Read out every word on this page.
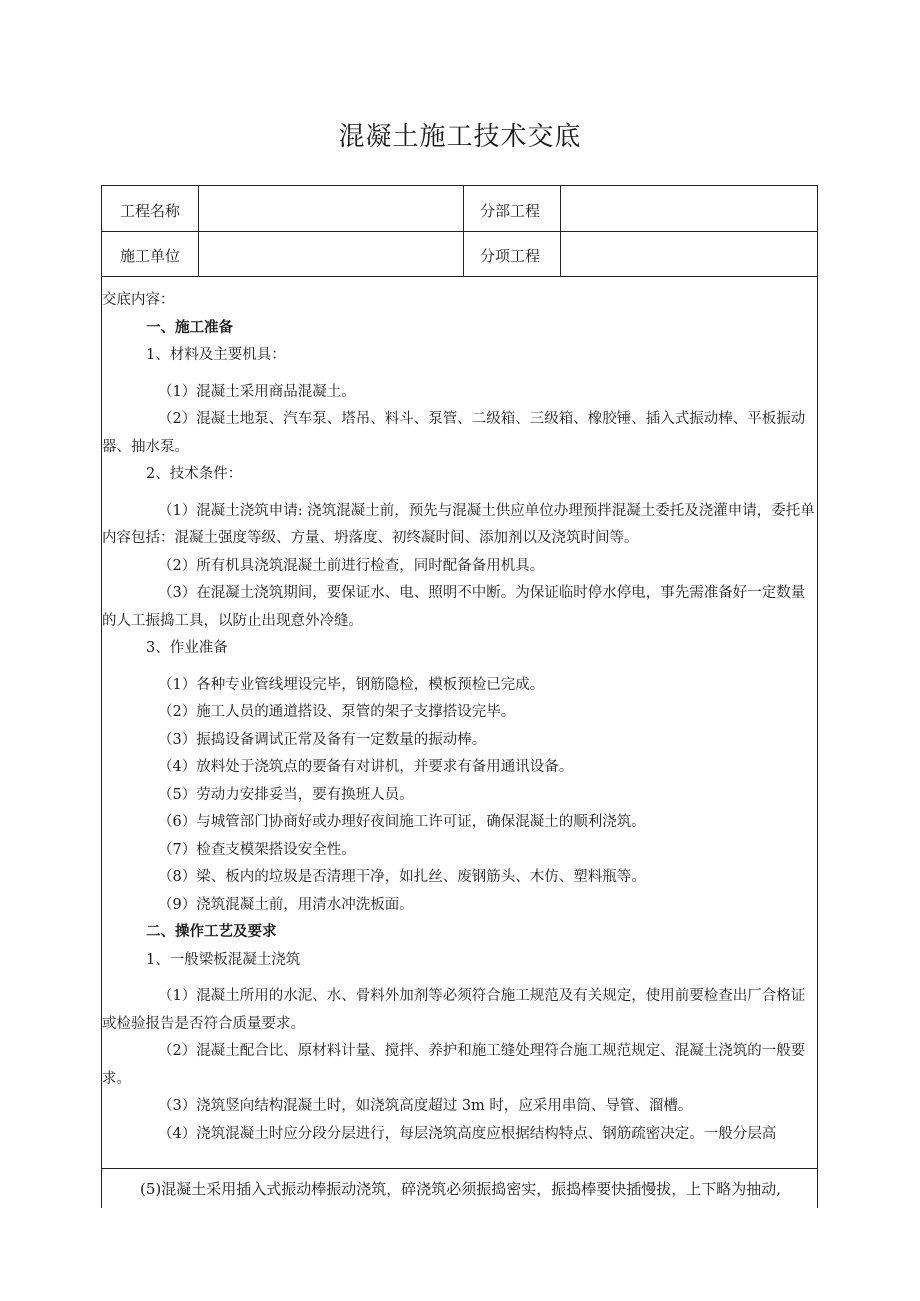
混凝土施工技术交底
工程名称	分部工程
施工单位	分项工程

交底内容：

一、施工准备

1、材料及主要机具：

（1）混凝土采用商品混凝土。

（2）混凝土地泵、汽车泵、塔吊、料斗、泵管、二级箱、三级箱、橡胶锤、插入式振动棒、平板振动器、抽水泵。

2、技术条件：

（1）混凝土浇筑申请: 浇筑混凝土前，预先与混凝土供应单位办理预拌混凝土委托及浇灌申请，委托单内容包括：混凝土强度等级、方量、坍落度、初终凝时间、添加剂以及浇筑时间等。

（2）所有机具浇筑混凝土前进行检查，同时配备备用机具。

（3）在混凝土浇筑期间，要保证水、电、照明不中断。为保证临时停水停电，事先需准备好一定数量的人工振捣工具，以防止出现意外冷缝。

3、作业准备

（1）各种专业管线埋设完毕，钢筋隐检，模板预检已完成。

（2）施工人员的通道搭设、泵管的架子支撑搭设完毕。

（3）振捣设备调试正常及备有一定数量的振动棒。

（4）放料处于浇筑点的要备有对讲机，并要求有备用通讯设备。

（5）劳动力安排妥当，要有换班人员。

（6）与城管部门协商好或办理好夜间施工许可证，确保混凝土的顺利浇筑。

（7）检查支模架搭设安全性。

（8）梁、板内的垃圾是否清理干净，如扎丝、废钢筋头、木仿、塑料瓶等。

（9）浇筑混凝土前，用清水冲洗板面。

二、操作工艺及要求

1、一般梁板混凝土浇筑

（1）混凝土所用的水泥、水、骨料外加剂等必须符合施工规范及有关规定，使用前要检查出厂合格证或检验报告是否符合质量要求。

（2）混凝土配合比、原材料计量、搅拌、养护和施工缝处理符合施工规范规定、混凝土浇筑的一般要求。

（3）浇筑竖向结构混凝土时，如浇筑高度超过 3m 时，应采用串筒、导管、溜槽。

（4）浇筑混凝土时应分段分层进行，每层浇筑高度应根据结构特点、钢筋疏密决定。一般分层高

(5)混凝土采用插入式振动棒振动浇筑，碎浇筑必须振捣密实，振捣棒要快插慢拔，上下略为抽动,
